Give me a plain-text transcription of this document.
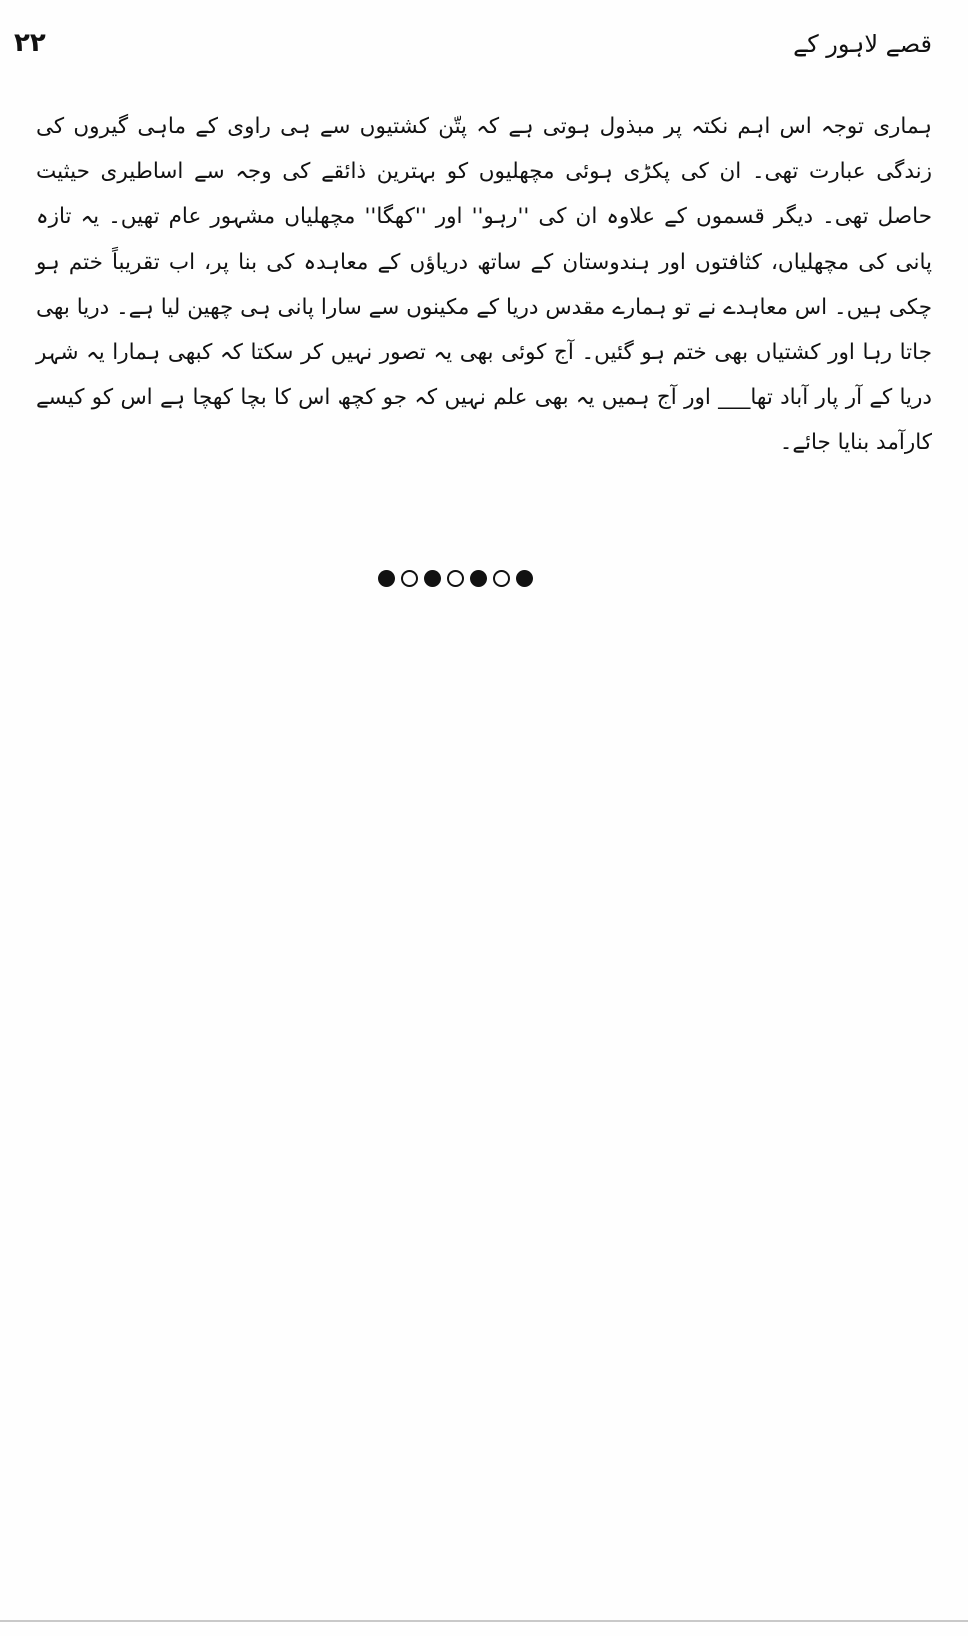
۲۲	قصے لاہور کے

ہماری توجہ اس اہم نکتہ پر مبذول ہوتی ہے کہ پتّن کشتیوں سے ہی راوی کے ماہی گیروں کی زندگی عبارت تھی۔ ان کی پکڑی ہوئی مچھلیوں کو بہترین ذائقے کی وجہ سے اساطیری حیثیت حاصل تھی۔ دیگر قسموں کے علاوہ ان کی ''رہو'' اور ''کھگا'' مچھلیاں مشہور عام تھیں۔ یہ تازہ پانی کی مچھلیاں، کثافتوں اور ہندوستان کے ساتھ دریاؤں کے معاہدہ کی بنا پر، اب تقریباً ختم ہو چکی ہیں۔ اس معاہدے نے تو ہمارے مقدس دریا کے مکینوں سے سارا پانی ہی چھین لیا ہے۔ دریا بھی جاتا رہا اور کشتیاں بھی ختم ہو گئیں۔ آج کوئی بھی یہ تصور نہیں کر سکتا کہ کبھی ہمارا یہ شہر دریا کے آر پار آباد تھا___ اور آج ہمیں یہ بھی علم نہیں کہ جو کچھ اس کا بچا کھچا ہے اس کو کیسے کارآمد بنایا جائے۔
